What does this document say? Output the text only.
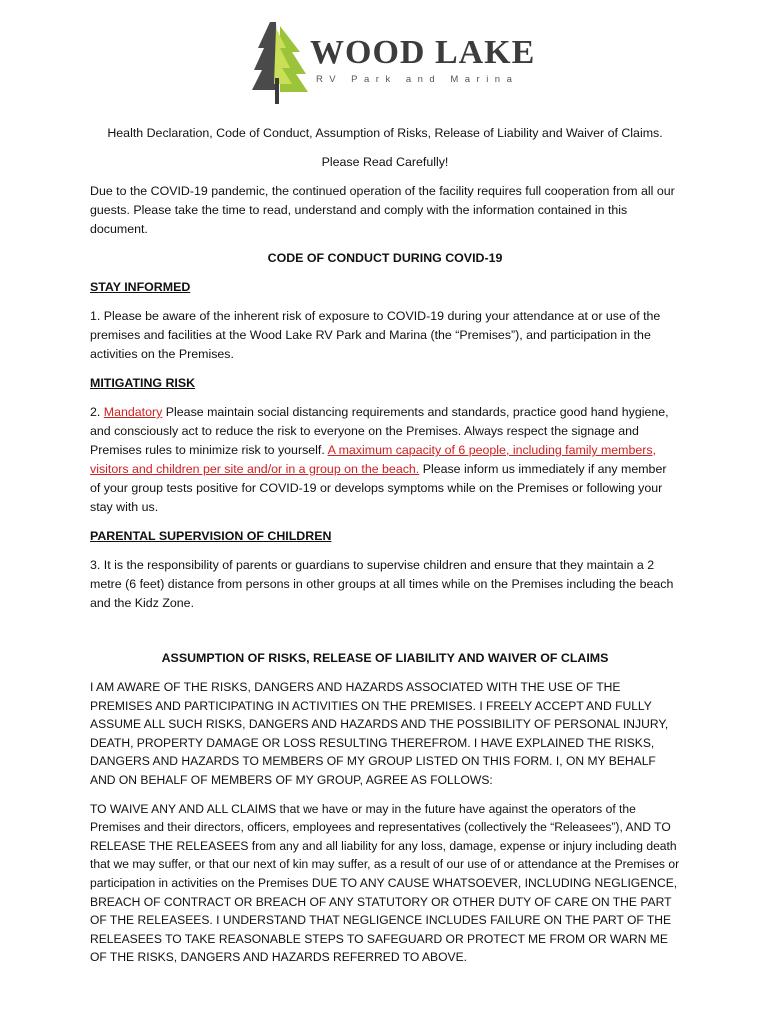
WOOD LAKE
RV Park and Marina

Health Declaration, Code of Conduct, Assumption of Risks, Release of Liability and Waiver of Claims.

Please Read Carefully!

Due to the COVID-19 pandemic, the continued operation of the facility requires full cooperation from all our guests. Please take the time to read, understand and comply with the information contained in this document.

CODE OF CONDUCT DURING COVID-19

STAY INFORMED

1. Please be aware of the inherent risk of exposure to COVID-19 during your attendance at or use of the premises and facilities at the Wood Lake RV Park and Marina (the “Premises”), and participation in the activities on the Premises.

MITIGATING RISK

2. Mandatory Please maintain social distancing requirements and standards, practice good hand hygiene, and consciously act to reduce the risk to everyone on the Premises. Always respect the signage and Premises rules to minimize risk to yourself. A maximum capacity of 6 people, including family members, visitors and children per site and/or in a group on the beach. Please inform us immediately if any member of your group tests positive for COVID-19 or develops symptoms while on the Premises or following your stay with us.

PARENTAL SUPERVISION OF CHILDREN

3. It is the responsibility of parents or guardians to supervise children and ensure that they maintain a 2 metre (6 feet) distance from persons in other groups at all times while on the Premises including the beach and the Kidz Zone.

ASSUMPTION OF RISKS, RELEASE OF LIABILITY AND WAIVER OF CLAIMS

I AM AWARE OF THE RISKS, DANGERS AND HAZARDS ASSOCIATED WITH THE USE OF THE PREMISES AND PARTICIPATING IN ACTIVITIES ON THE PREMISES. I FREELY ACCEPT AND FULLY ASSUME ALL SUCH RISKS, DANGERS AND HAZARDS AND THE POSSIBILITY OF PERSONAL INJURY, DEATH, PROPERTY DAMAGE OR LOSS RESULTING THEREFROM. I HAVE EXPLAINED THE RISKS, DANGERS AND HAZARDS TO MEMBERS OF MY GROUP LISTED ON THIS FORM. I, ON MY BEHALF AND ON BEHALF OF MEMBERS OF MY GROUP, AGREE AS FOLLOWS:

TO WAIVE ANY AND ALL CLAIMS that we have or may in the future have against the operators of the Premises and their directors, officers, employees and representatives (collectively the “Releasees”), AND TO RELEASE THE RELEASEES from any and all liability for any loss, damage, expense or injury including death that we may suffer, or that our next of kin may suffer, as a result of our use of or attendance at the Premises or participation in activities on the Premises DUE TO ANY CAUSE WHATSOEVER, INCLUDING NEGLIGENCE, BREACH OF CONTRACT OR BREACH OF ANY STATUTORY OR OTHER DUTY OF CARE ON THE PART OF THE RELEASEES. I UNDERSTAND THAT NEGLIGENCE INCLUDES FAILURE ON THE PART OF THE RELEASEES TO TAKE REASONABLE STEPS TO SAFEGUARD OR PROTECT ME FROM OR WARN ME OF THE RISKS, DANGERS AND HAZARDS REFERRED TO ABOVE.
